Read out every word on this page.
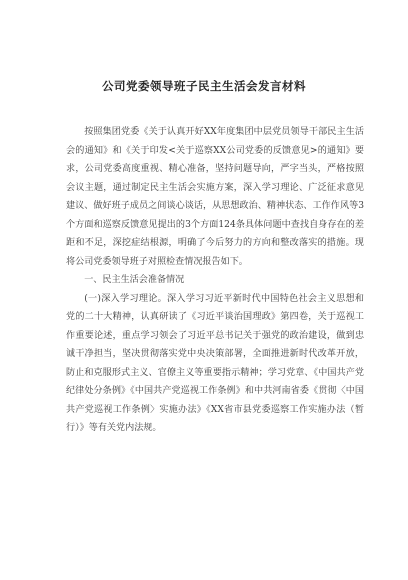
公司党委领导班子民主生活会发言材料

按照集团党委《关于认真开好XX年度集团中层党员领导干部民主生活会的通知》和《关于印发<关于巡察XX公司党委的反馈意见>的通知》要求，公司党委高度重视、精心准备，坚持问题导向，严字当头，严格按照会议主题，通过制定民主生活会实施方案，深入学习理论、广泛征求意见建议、做好班子成员之间谈心谈话，从思想政治、精神状态、工作作风等3个方面和巡察反馈意见提出的3个方面124条具体问题中查找自身存在的差距和不足，深挖症结根源，明确了今后努力的方向和整改落实的措施。现将公司党委领导班子对照检查情况报告如下。

一、民主生活会准备情况

(一)深入学习理论。深入学习习近平新时代中国特色社会主义思想和党的二十大精神，认真研读了《习近平谈治国理政》第四卷，关于巡视工作重要论述，重点学习领会了习近平总书记关于强党的政治建设，做到忠诚干净担当，坚决贯彻落实党中央决策部署，全面推进新时代改革开放，防止和克服形式主义、官僚主义等重要指示精神；学习党章、《中国共产党纪律处分条例》《中国共产党巡视工作条例》和中共河南省委《贯彻〈中国共产党巡视工作条例〉实施办法》《XX省市县党委巡察工作实施办法（暂行）》等有关党内法规。
